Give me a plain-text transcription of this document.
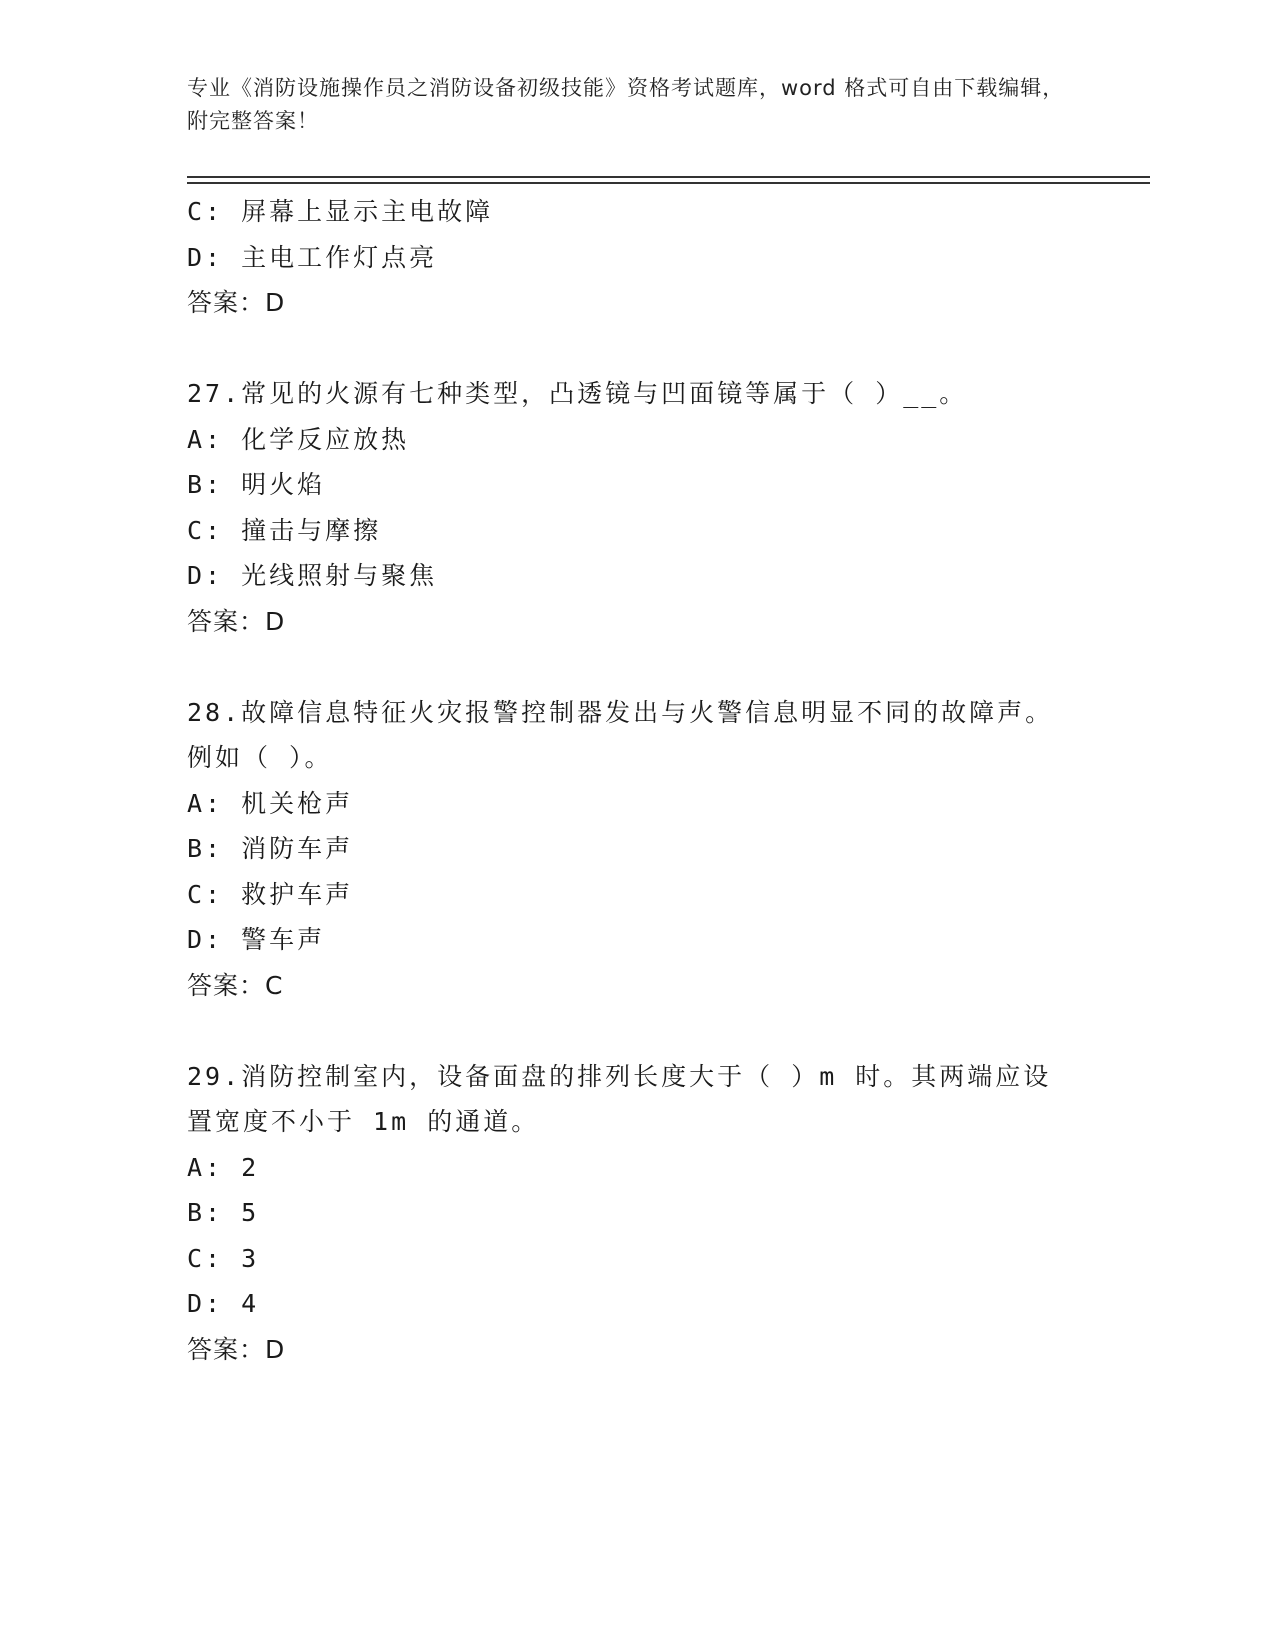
专业《消防设施操作员之消防设备初级技能》资格考试题库，word 格式可自由下载编辑，附完整答案！
C: 屏幕上显示主电故障
D: 主电工作灯点亮
答案：D
27.常见的火源有七种类型，凸透镜与凹面镜等属于（ ）__。
A: 化学反应放热
B: 明火焰
C: 撞击与摩擦
D: 光线照射与聚焦
答案：D
28.故障信息特征火灾报警控制器发出与火警信息明显不同的故障声。例如（ ）。
A: 机关枪声
B: 消防车声
C: 救护车声
D: 警车声
答案：C
29.消防控制室内，设备面盘的排列长度大于（ ）m 时。其两端应设置宽度不小于 1m 的通道。
A: 2
B: 5
C: 3
D: 4
答案：D
